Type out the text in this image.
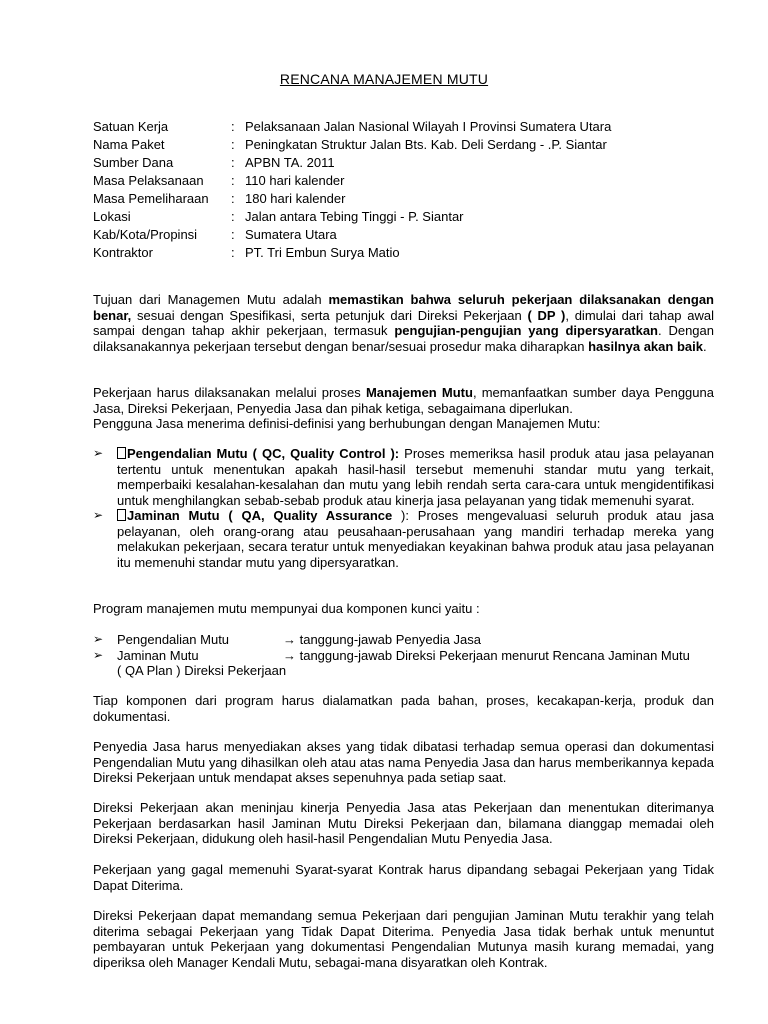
RENCANA MANAJEMEN MUTU
Satuan Kerja	: Pelaksanaan Jalan Nasional Wilayah I Provinsi Sumatera Utara
Nama Paket	: Peningkatan Struktur Jalan Bts. Kab. Deli Serdang - .P. Siantar
Sumber Dana	: APBN TA. 2011
Masa Pelaksanaan	: 110 hari kalender
Masa Pemeliharaan	: 180 hari kalender
Lokasi	: Jalan antara Tebing Tinggi - P. Siantar
Kab/Kota/Propinsi	: Sumatera Utara
Kontraktor	: PT. Tri Embun Surya Matio

Tujuan dari Managemen Mutu adalah memastikan bahwa seluruh pekerjaan dilaksanakan dengan benar, sesuai dengan Spesifikasi, serta petunjuk dari Direksi Pekerjaan ( DP ), dimulai dari tahap awal sampai dengan tahap akhir pekerjaan, termasuk pengujian-pengujian yang dipersyaratkan. Dengan dilaksanakannya pekerjaan tersebut dengan benar/sesuai prosedur maka diharapkan hasilnya akan baik.

Pekerjaan harus dilaksanakan melalui proses Manajemen Mutu, memanfaatkan sumber daya Pengguna Jasa, Direksi Pekerjaan, Penyedia Jasa dan pihak ketiga, sebagaimana diperlukan.
Pengguna Jasa menerima definisi-definisi yang berhubungan dengan Manajemen Mutu:

➢	Pengendalian Mutu ( QC, Quality Control ): Proses memeriksa hasil produk atau jasa pelayanan tertentu untuk menentukan apakah hasil-hasil tersebut memenuhi standar mutu yang terkait, memperbaiki kesalahan-kesalahan dan mutu yang lebih rendah serta cara-cara untuk mengidentifikasi untuk menghilangkan sebab-sebab produk atau kinerja jasa pelayanan yang tidak memenuhi syarat.
➢	Jaminan Mutu ( QA, Quality Assurance ): Proses mengevaluasi seluruh produk atau jasa pelayanan, oleh orang-orang atau peusahaan-perusahaan yang mandiri terhadap mereka yang melakukan pekerjaan, secara teratur untuk menyediakan keyakinan bahwa produk atau jasa pelayanan itu memenuhi standar mutu yang dipersyaratkan.

Program manajemen mutu mempunyai dua komponen kunci yaitu :

➢	Pengendalian Mutu	→ tanggung-jawab Penyedia Jasa
➢	Jaminan Mutu	→ tanggung-jawab Direksi Pekerjaan menurut Rencana Jaminan Mutu
( QA Plan ) Direksi Pekerjaan

Tiap komponen dari program harus dialamatkan pada bahan, proses, kecakapan-kerja, produk dan dokumentasi.

Penyedia Jasa harus menyediakan akses yang tidak dibatasi terhadap semua operasi dan dokumentasi Pengendalian Mutu yang dihasilkan oleh atau atas nama Penyedia Jasa dan harus memberikannya kepada Direksi Pekerjaan untuk mendapat akses sepenuhnya pada setiap saat.

Direksi Pekerjaan akan meninjau kinerja Penyedia Jasa atas Pekerjaan dan menentukan diterimanya Pekerjaan berdasarkan hasil Jaminan Mutu Direksi Pekerjaan dan, bilamana dianggap memadai oleh Direksi Pekerjaan, didukung oleh hasil-hasil Pengendalian Mutu Penyedia Jasa.

Pekerjaan yang gagal memenuhi Syarat-syarat Kontrak harus dipandang sebagai Pekerjaan yang Tidak Dapat Diterima.

Direksi Pekerjaan dapat memandang semua Pekerjaan dari pengujian Jaminan Mutu terakhir yang telah diterima sebagai Pekerjaan yang Tidak Dapat Diterima. Penyedia Jasa tidak berhak untuk menuntut pembayaran untuk Pekerjaan yang dokumentasi Pengendalian Mutunya masih kurang memadai, yang diperiksa oleh Manager Kendali Mutu, sebagai-mana disyaratkan oleh Kontrak.
